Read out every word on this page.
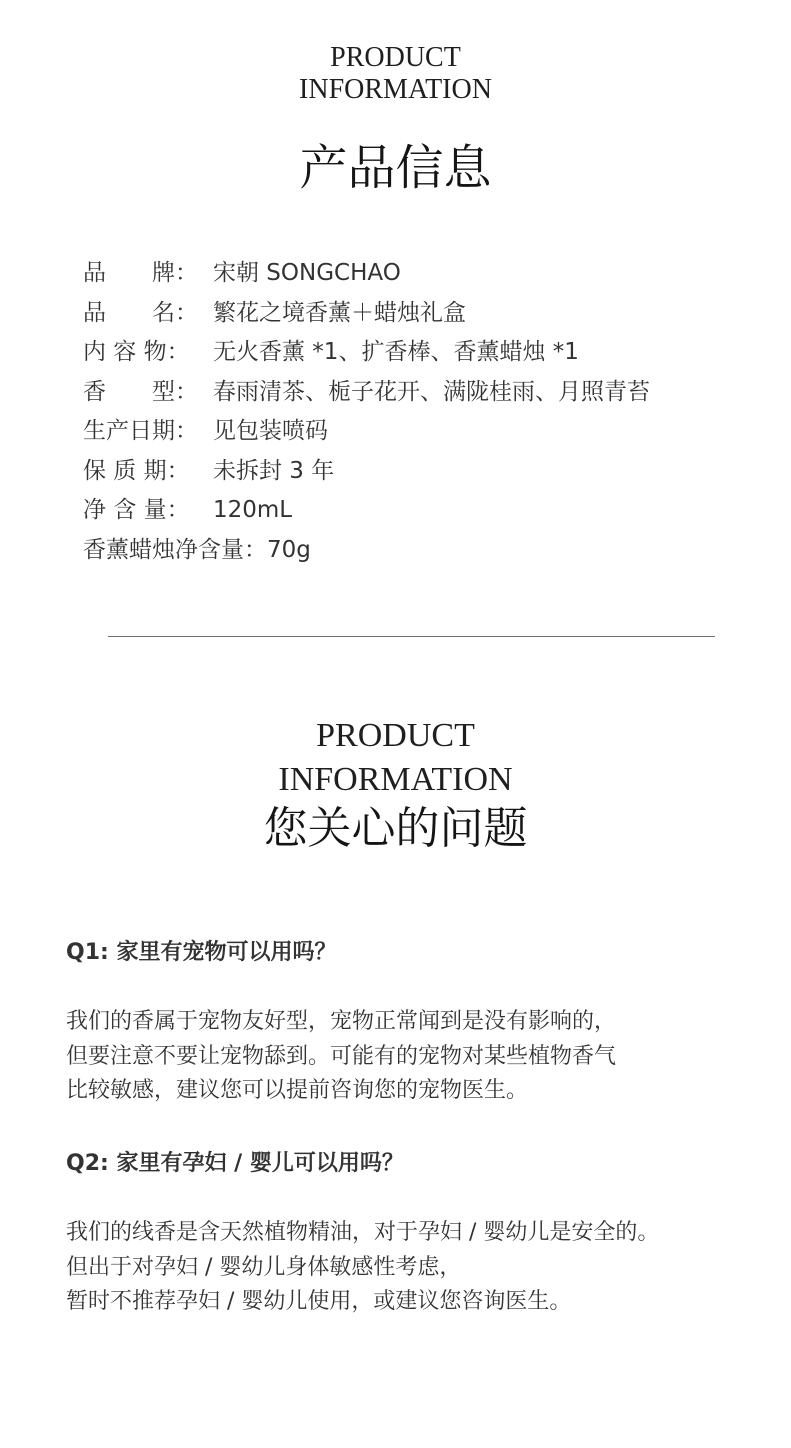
PRODUCT
INFORMATION
产品信息
品　　牌： 宋朝 SONGCHAO
品　　名： 繁花之境香薰＋蜡烛礼盒
内 容 物： 无火香薰 *1、扩香棒、香薰蜡烛 *1
香　　型： 春雨清茶、栀子花开、满陇桂雨、月照青苔
生产日期： 见包装喷码
保 质 期： 未拆封 3 年
净 含 量： 120mL
香薰蜡烛净含量：70g
PRODUCT
INFORMATION
您关心的问题
Q1: 家里有宠物可以用吗？
我们的香属于宠物友好型，宠物正常闻到是没有影响的，
但要注意不要让宠物舔到。可能有的宠物对某些植物香气
比较敏感，建议您可以提前咨询您的宠物医生。
Q2: 家里有孕妇 / 婴儿可以用吗？
我们的线香是含天然植物精油，对于孕妇 / 婴幼儿是安全的。
但出于对孕妇 / 婴幼儿身体敏感性考虑，
暂时不推荐孕妇 / 婴幼儿使用，或建议您咨询医生。
